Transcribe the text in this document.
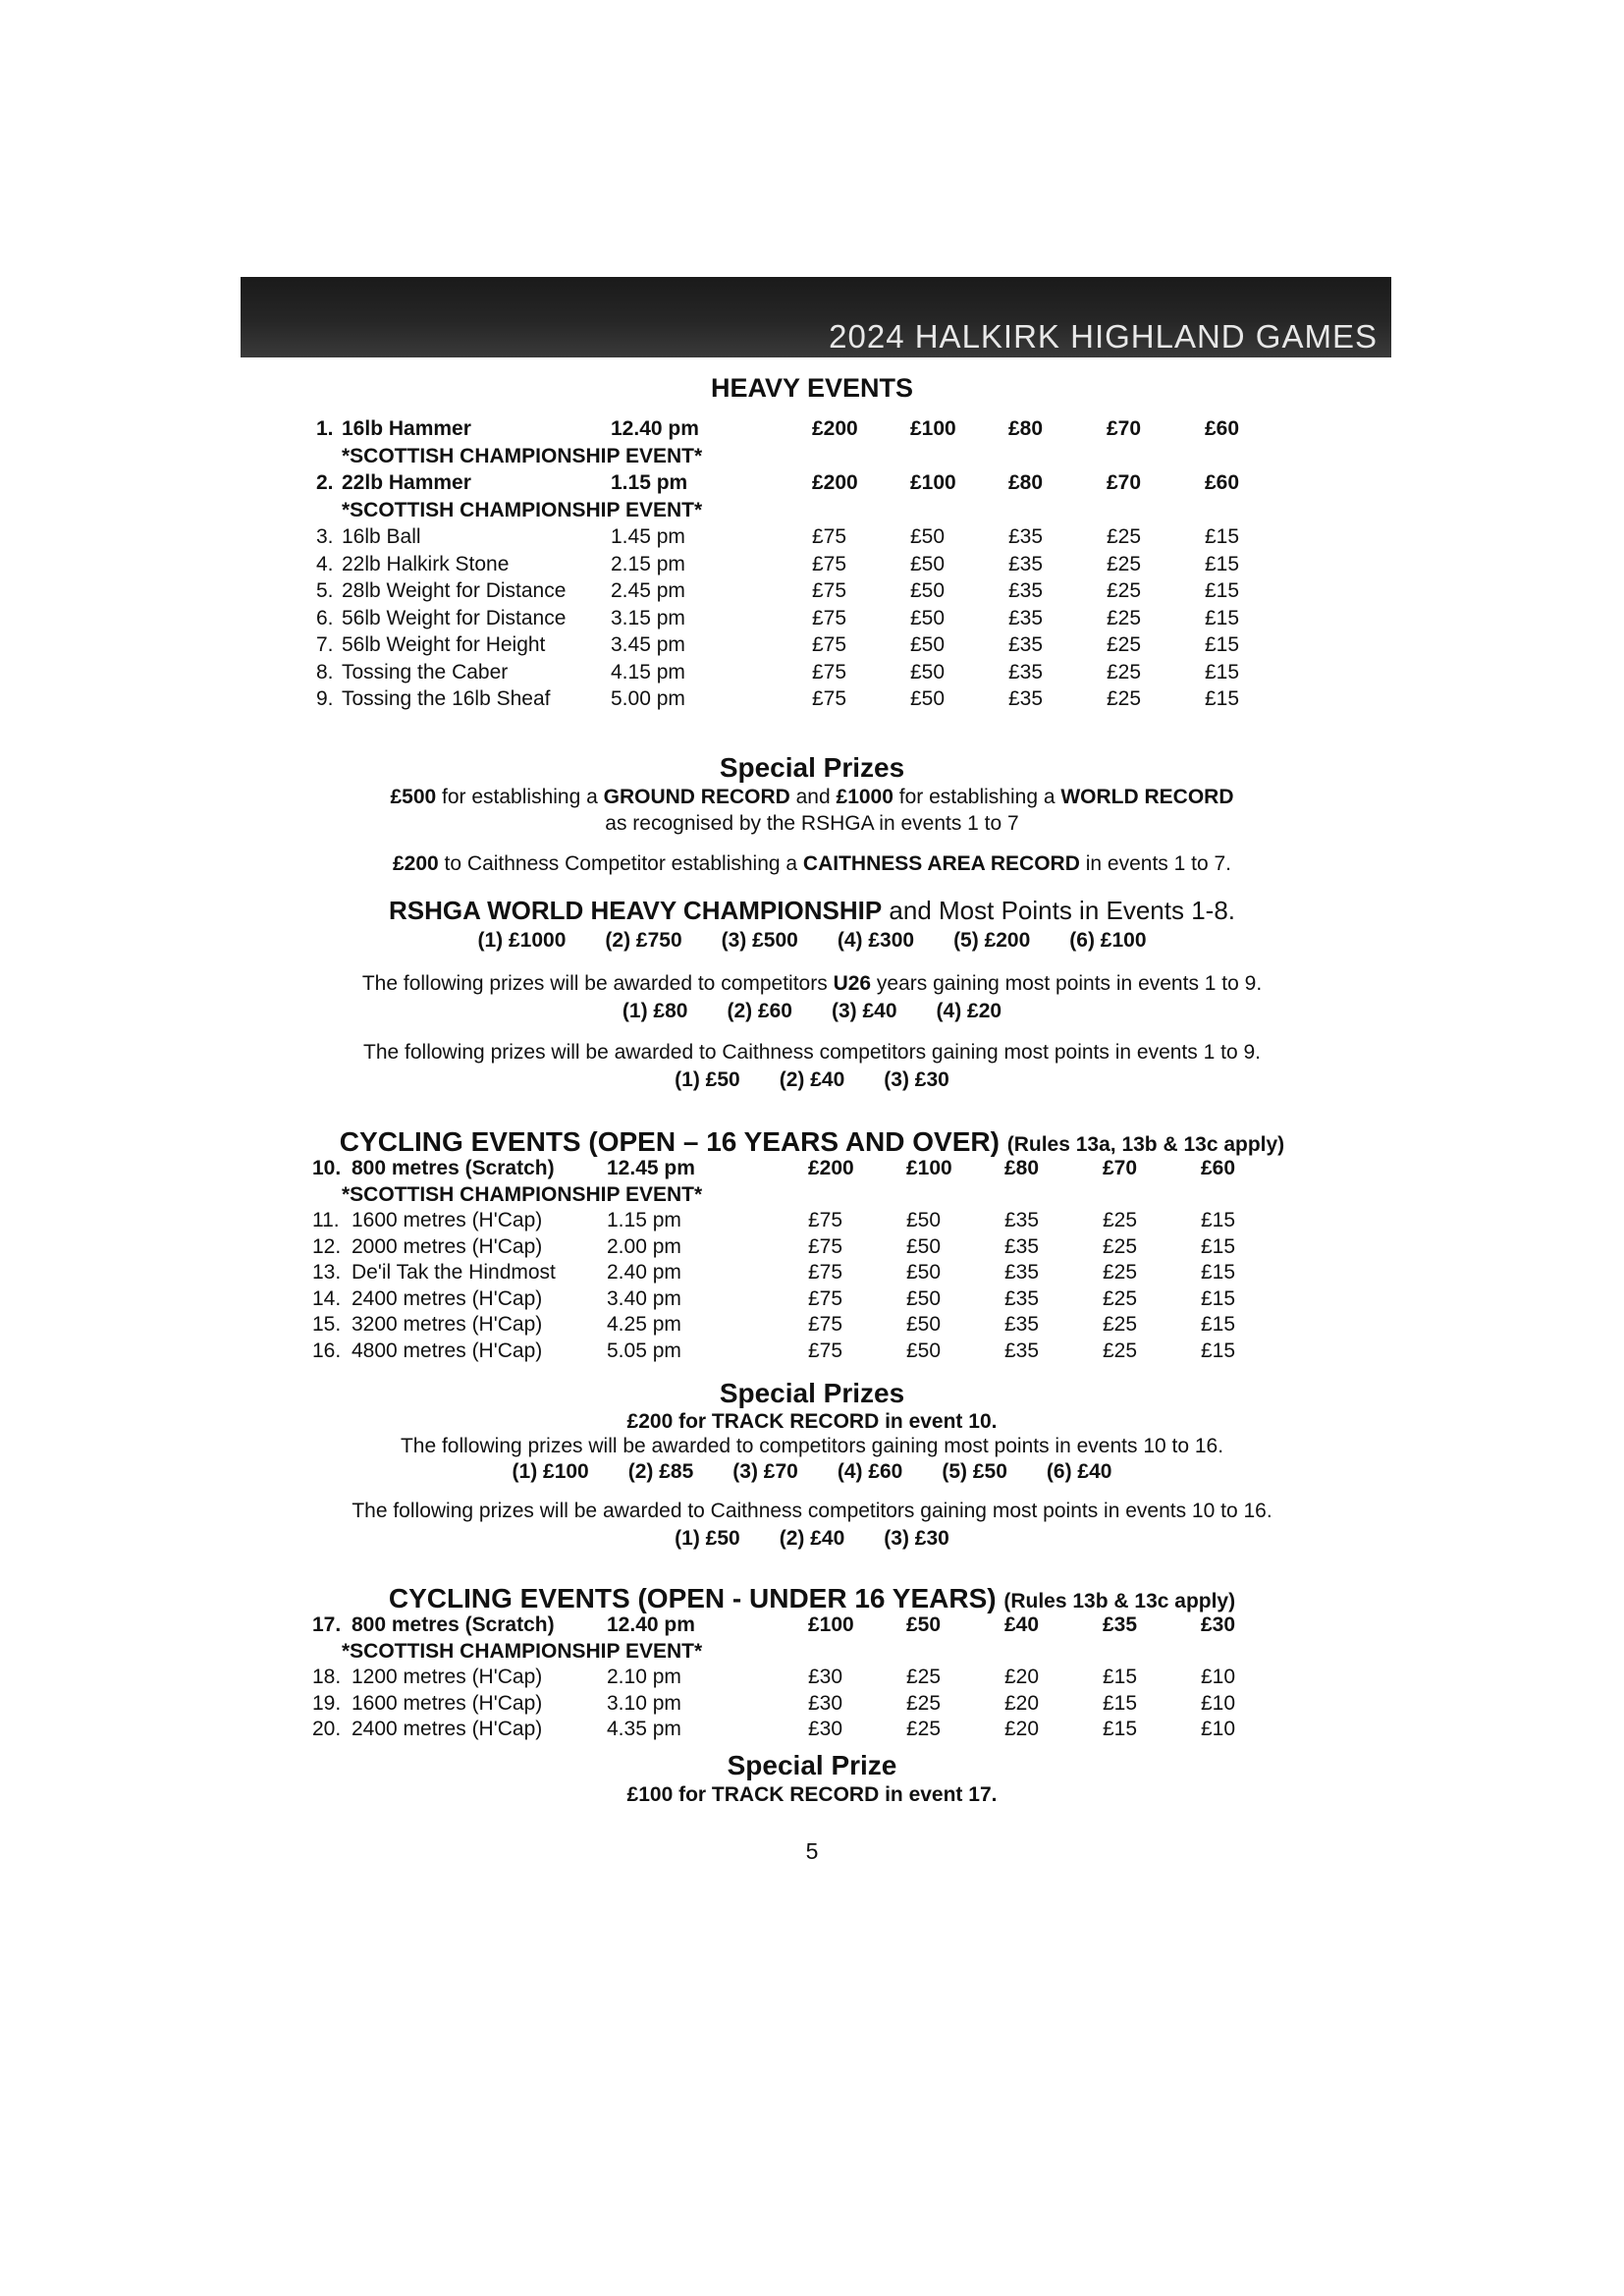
2024 HALKIRK HIGHLAND GAMES
HEAVY EVENTS
1. 16lb Hammer	12.40 pm	£200	£100	£80	£70	£60
*SCOTTISH CHAMPIONSHIP EVENT*
2. 22lb Hammer	1.15 pm	£200	£100	£80	£70	£60
*SCOTTISH CHAMPIONSHIP EVENT*
3. 16lb Ball	1.45 pm	£75	£50	£35	£25	£15
4. 22lb Halkirk Stone	2.15 pm	£75	£50	£35	£25	£15
5. 28lb Weight for Distance 2.45 pm	£75	£50	£35	£25	£15
6. 56lb Weight for Distance 3.15 pm	£75	£50	£35	£25	£15
7. 56lb Weight for Height	3.45 pm	£75	£50	£35	£25	£15
8. Tossing the Caber	4.15 pm	£75	£50	£35	£25	£15
9. Tossing the 16lb Sheaf	5.00 pm	£75	£50	£35	£25	£15
Special Prizes
£500 for establishing a GROUND RECORD and £1000 for establishing a WORLD RECORD
as recognised by the RSHGA in events 1 to 7
£200 to Caithness Competitor establishing a CAITHNESS AREA RECORD in events 1 to 7.
RSHGA WORLD HEAVY CHAMPIONSHIP and Most Points in Events 1-8.
(1) £1000 (2) £750 (3) £500 (4) £300 (5) £200 (6) £100
The following prizes will be awarded to competitors U26 years gaining most points in events 1 to 9.
(1) £80 (2) £60 (3) £40 (4) £20
The following prizes will be awarded to Caithness competitors gaining most points in events 1 to 9.
(1) £50 (2) £40 (3) £30
CYCLING EVENTS (OPEN – 16 YEARS AND OVER) (Rules 13a, 13b & 13c apply)
10. 800 metres (Scratch)	12.45 pm	£200	£100	£80	£70	£60
*SCOTTISH CHAMPIONSHIP EVENT*
11. 1600 metres (H'Cap)	1.15 pm	£75	£50	£35	£25	£15
12. 2000 metres (H'Cap)	2.00 pm	£75	£50	£35	£25	£15
13. De'il Tak the Hindmost 2.40 pm	£75	£50	£35	£25	£15
14. 2400 metres (H'Cap)	3.40 pm	£75	£50	£35	£25	£15
15. 3200 metres (H'Cap)	4.25 pm	£75	£50	£35	£25	£15
16. 4800 metres (H'Cap)	5.05 pm	£75	£50	£35	£25	£15
Special Prizes
£200 for TRACK RECORD in event 10.
The following prizes will be awarded to competitors gaining most points in events 10 to 16.
(1) £100 (2) £85 (3) £70 (4) £60 (5) £50 (6) £40
The following prizes will be awarded to Caithness competitors gaining most points in events 10 to 16.
(1) £50 (2) £40 (3) £30
CYCLING EVENTS (OPEN - UNDER 16 YEARS) (Rules 13b & 13c apply)
17. 800 metres (Scratch)	12.40 pm	£100	£50	£40	£35	£30
*SCOTTISH CHAMPIONSHIP EVENT*
18. 1200 metres (H'Cap)	2.10 pm	£30	£25	£20	£15	£10
19. 1600 metres (H'Cap)	3.10 pm	£30	£25	£20	£15	£10
20. 2400 metres (H'Cap)	4.35 pm	£30	£25	£20	£15	£10
Special Prize
£100 for TRACK RECORD in event 17.
5
